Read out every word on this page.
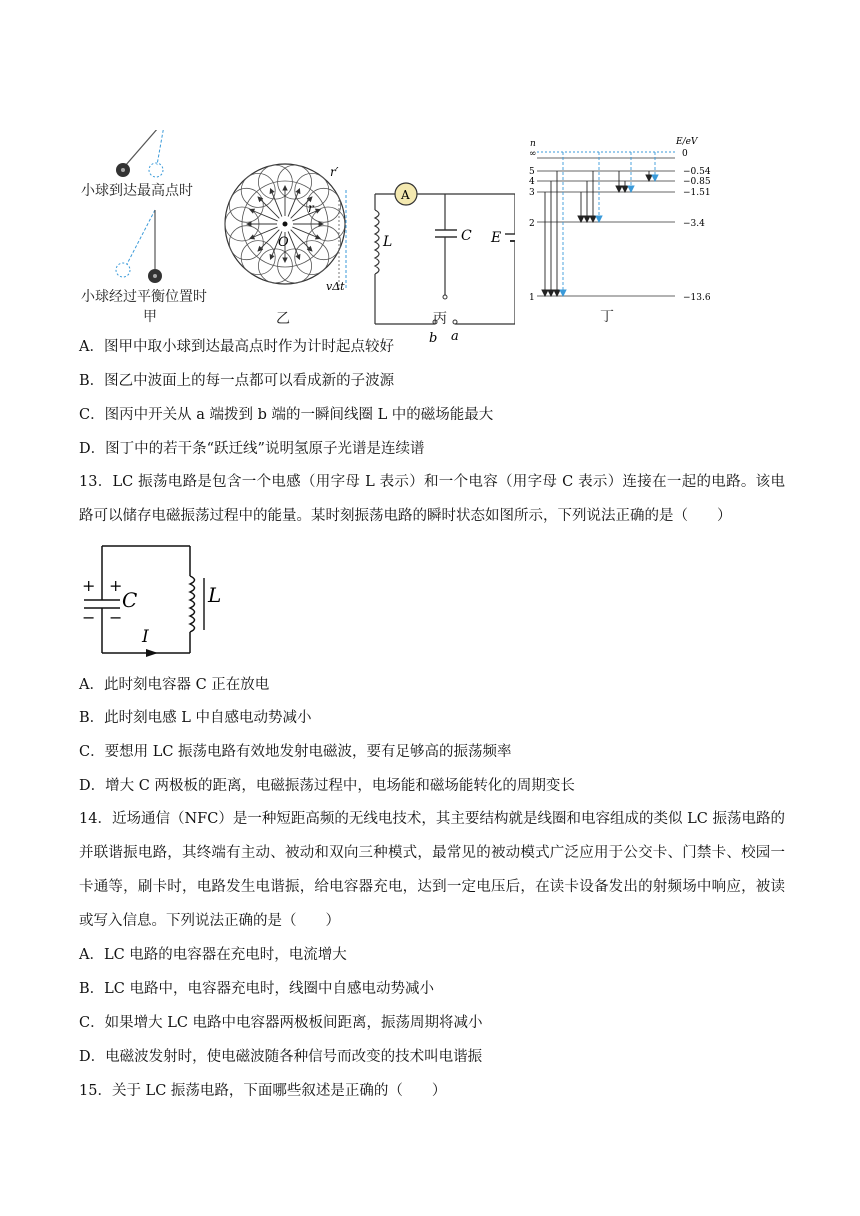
小球到达最高点时
小球经过平衡位置时
甲
O
r
r′
vΔt
乙
A
L	C E
b a
丙
n
∞
E/eV
0
5
4
3
2
1
−0.54
−0.85
−1.51
−3.4
−13.6
丁
A．图甲中取小球到达最高点时作为计时起点较好
B．图乙中波面上的每一点都可以看成新的子波源
C．图丙中开关从 a 端拨到 b 端的一瞬间线圈 L 中的磁场能最大
D．图丁中的若干条“跃迁线”说明氢原子光谱是连续谱
13．LC 振荡电路是包含一个电感（用字母 L 表示）和一个电容（用字母 C 表示）连接在一起的电路。该电路可以储存电磁振荡过程中的能量。某时刻振荡电路的瞬时状态如图所示，下列说法正确的是（　　）
+ +
− −
C	L
I
A．此时刻电容器 C 正在放电
B．此时刻电感 L 中自感电动势减小
C．要想用 LC 振荡电路有效地发射电磁波，要有足够高的振荡频率
D．增大 C 两极板的距离，电磁振荡过程中，电场能和磁场能转化的周期变长
14．近场通信（NFC）是一种短距高频的无线电技术，其主要结构就是线圈和电容组成的类似 LC 振荡电路的并联谐振电路，其终端有主动、被动和双向三种模式，最常见的被动模式广泛应用于公交卡、门禁卡、校园一卡通等，刷卡时，电路发生电谐振，给电容器充电，达到一定电压后，在读卡设备发出的射频场中响应，被读或写入信息。下列说法正确的是（　　）
A．LC 电路的电容器在充电时，电流增大
B．LC 电路中，电容器充电时，线圈中自感电动势减小
C．如果增大 LC 电路中电容器两极板间距离，振荡周期将减小
D．电磁波发射时，使电磁波随各种信号而改变的技术叫电谐振
15．关于 LC 振荡电路，下面哪些叙述是正确的（　　）
